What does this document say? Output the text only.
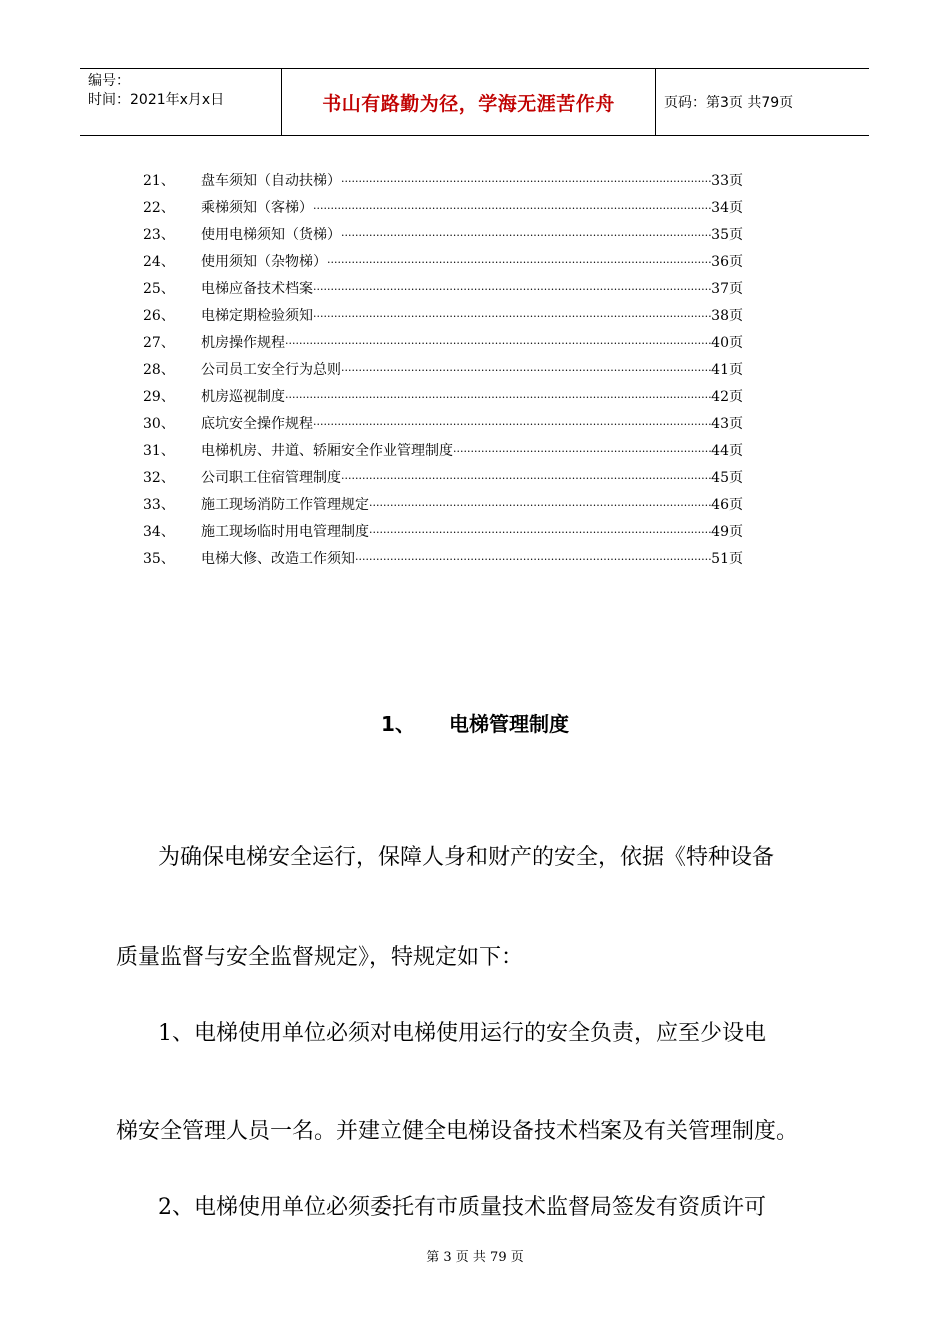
编号：
时间：2021年x月x日	书山有路勤为径，学海无涯苦作舟	页码：第3页 共79页
21、	盘车须知（自动扶梯） ·····	33页
22、	乘梯须知（客梯） ·····	34页
23、	使用电梯须知（货梯） ·····	35页
24、	使用须知（杂物梯） ·····	36页
25、	电梯应备技术档案 ·····	37页
26、	电梯定期检验须知 ·····	38页
27、	机房操作规程 ·····	40页
28、	公司员工安全行为总则 ·····	41页
29、	机房巡视制度 ·····	42页
30、	底坑安全操作规程 ·····	43页
31、	电梯机房、井道、轿厢安全作业管理制度 ·····	44页
32、	公司职工住宿管理制度 ·····	45页
33、	施工现场消防工作管理规定 ·····	46页
34、	施工现场临时用电管理制度 ·····	49页
35、	电梯大修、改造工作须知 ·····	51页
1、 电梯管理制度
为确保电梯安全运行，保障人身和财产的安全，依据《特种设备
质量监督与安全监督规定》，特规定如下：
1、电梯使用单位必须对电梯使用运行的安全负责，应至少设电
梯安全管理人员一名。并建立健全电梯设备技术档案及有关管理制度。
2、电梯使用单位必须委托有市质量技术监督局签发有资质许可
第 3 页 共 79 页
